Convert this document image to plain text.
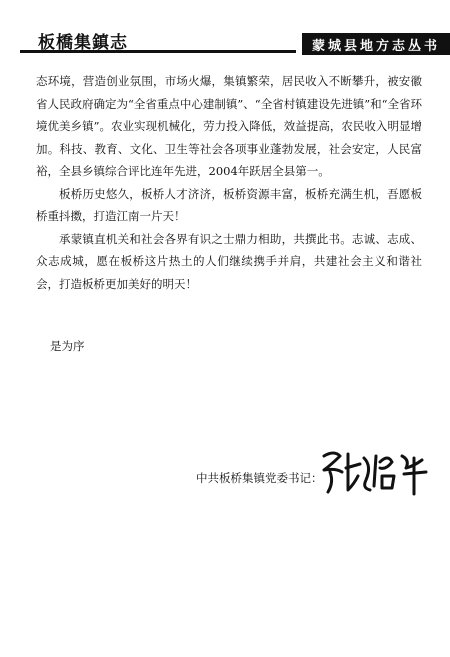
板橋集鎮志	蒙城县地方志丛书

态环境，营造创业氛围，市场火爆，集镇繁荣，居民收入不断攀升，被安徽省人民政府确定为“全省重点中心建制镇”、“全省村镇建设先进镇”和“全省环境优美乡镇”。农业实现机械化，劳力投入降低，效益提高，农民收入明显增加。科技、教育、文化、卫生等社会各项事业蓬勃发展，社会安定，人民富裕，全县乡镇综合评比连年先进，2004年跃居全县第一。

板桥历史悠久，板桥人才济济，板桥资源丰富，板桥充满生机，吾愿板桥重抖擞，打造江南一片天！

承蒙镇直机关和社会各界有识之士鼎力相助，共撰此书。志诚、志成、众志成城，愿在板桥这片热土的人们继续携手并肩，共建社会主义和谐社会，打造板桥更加美好的明天！

是为序
中共板桥集镇党委书记：
